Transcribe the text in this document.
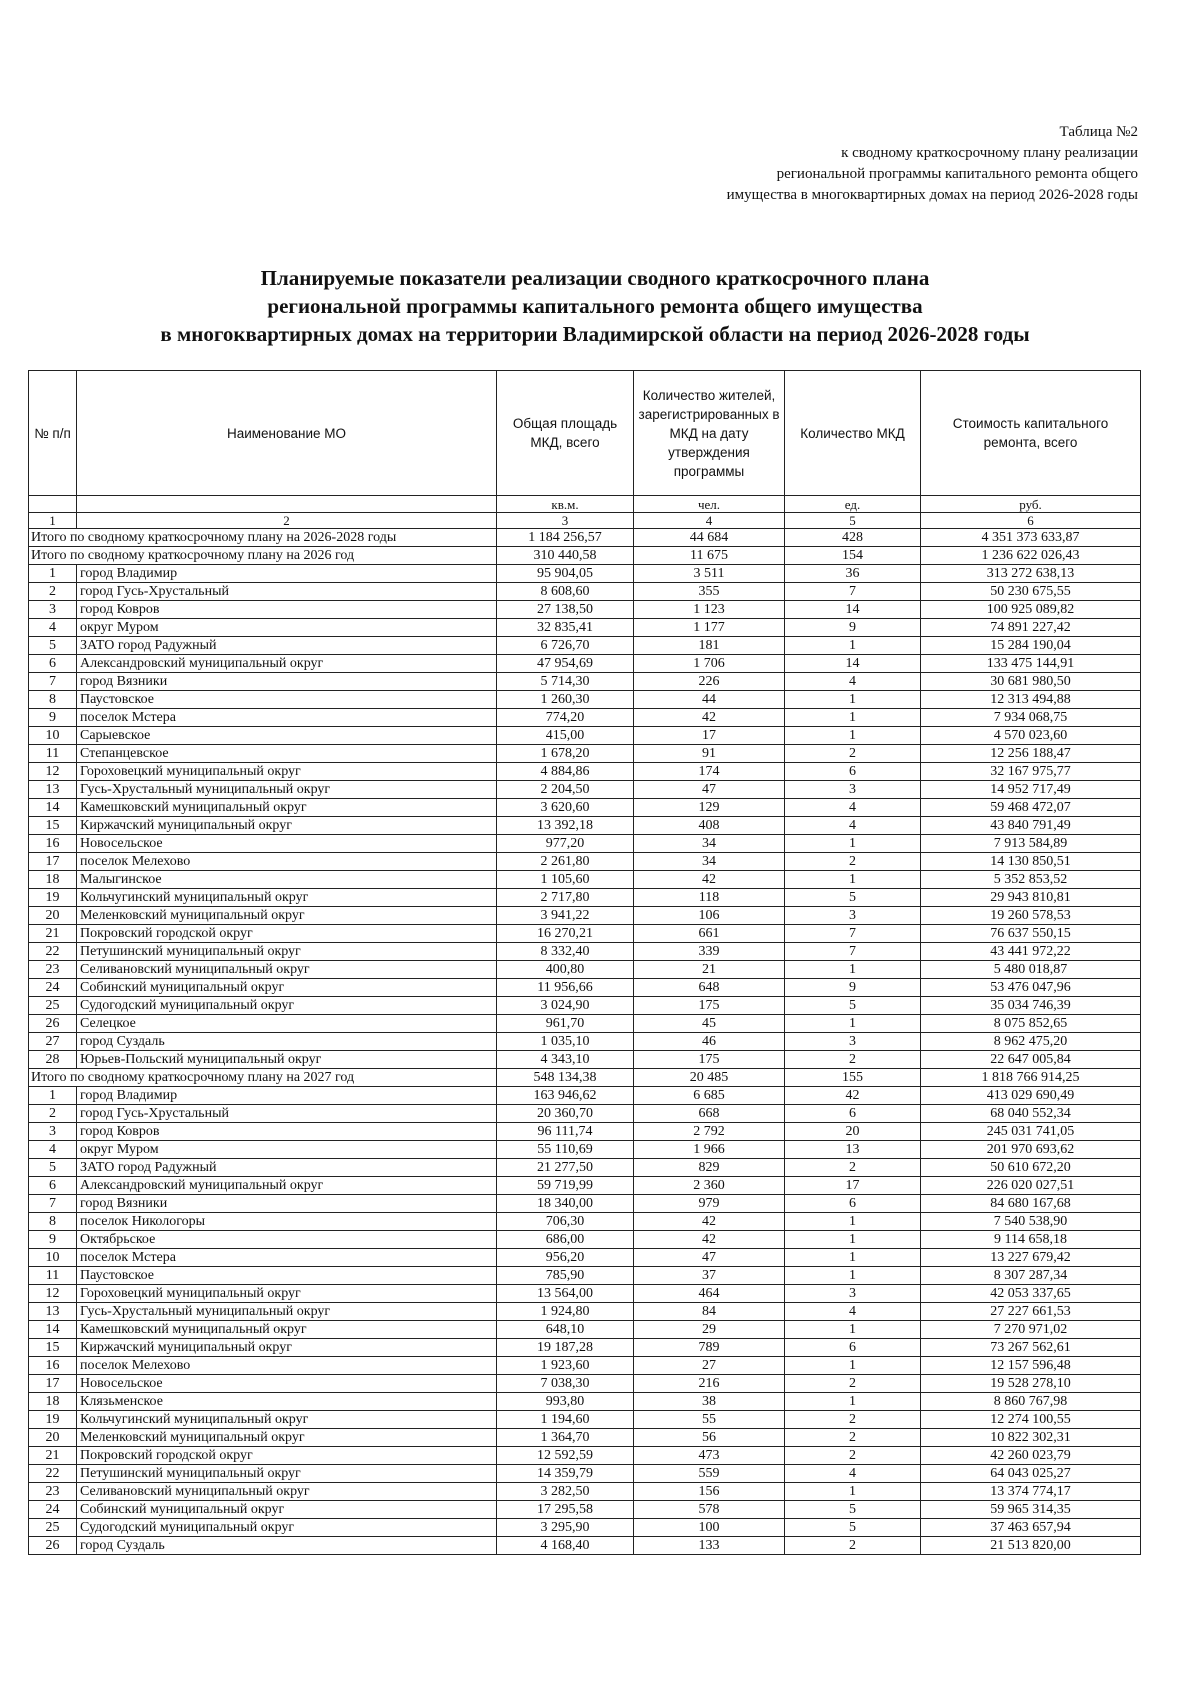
Таблица №2
к сводному краткосрочному плану реализации
региональной программы капитального ремонта общего
имущества в многоквартирных домах на период 2026-2028 годы
Планируемые показатели реализации сводного краткосрочного плана
региональной программы капитального ремонта общего имущества
в многоквартирных домах на территории Владимирской области на период 2026-2028 годы
№ п/п	Наименование МО	Общая площадь МКД, всего	Количество жителей, зарегистрированных в МКД на дату утверждения программы	Количество МКД	Стоимость капитального ремонта, всего
		кв.м.	чел.	ед.	руб.
1	2	3	4	5	6
Итого по сводному краткосрочному плану на 2026-2028 годы		1 184 256,57	44 684	428	4 351 373 633,87
Итого по сводному краткосрочному плану на 2026 год		310 440,58	11 675	154	1 236 622 026,43
1	город Владимир	95 904,05	3 511	36	313 272 638,13
2	город Гусь-Хрустальный	8 608,60	355	7	50 230 675,55
3	город Ковров	27 138,50	1 123	14	100 925 089,82
4	округ Муром	32 835,41	1 177	9	74 891 227,42
5	ЗАТО город Радужный	6 726,70	181	1	15 284 190,04
6	Александровский муниципальный округ	47 954,69	1 706	14	133 475 144,91
7	город Вязники	5 714,30	226	4	30 681 980,50
8	Паустовское	1 260,30	44	1	12 313 494,88
9	поселок Мстера	774,20	42	1	7 934 068,75
10	Сарыевское	415,00	17	1	4 570 023,60
11	Степанцевское	1 678,20	91	2	12 256 188,47
12	Гороховецкий муниципальный округ	4 884,86	174	6	32 167 975,77
13	Гусь-Хрустальный муниципальный округ	2 204,50	47	3	14 952 717,49
14	Камешковский муниципальный округ	3 620,60	129	4	59 468 472,07
15	Киржачский муниципальный округ	13 392,18	408	4	43 840 791,49
16	Новосельское	977,20	34	1	7 913 584,89
17	поселок Мелехово	2 261,80	34	2	14 130 850,51
18	Малыгинское	1 105,60	42	1	5 352 853,52
19	Кольчугинский муниципальный округ	2 717,80	118	5	29 943 810,81
20	Меленковский муниципальный округ	3 941,22	106	3	19 260 578,53
21	Покровский городской округ	16 270,21	661	7	76 637 550,15
22	Петушинский муниципальный округ	8 332,40	339	7	43 441 972,22
23	Селивановский муниципальный округ	400,80	21	1	5 480 018,87
24	Собинский муниципальный округ	11 956,66	648	9	53 476 047,96
25	Судогодский муниципальный округ	3 024,90	175	5	35 034 746,39
26	Селецкое	961,70	45	1	8 075 852,65
27	город Суздаль	1 035,10	46	3	8 962 475,20
28	Юрьев-Польский муниципальный округ	4 343,10	175	2	22 647 005,84
Итого по сводному краткосрочному плану на 2027 год		548 134,38	20 485	155	1 818 766 914,25
1	город Владимир	163 946,62	6 685	42	413 029 690,49
2	город Гусь-Хрустальный	20 360,70	668	6	68 040 552,34
3	город Ковров	96 111,74	2 792	20	245 031 741,05
4	округ Муром	55 110,69	1 966	13	201 970 693,62
5	ЗАТО город Радужный	21 277,50	829	2	50 610 672,20
6	Александровский муниципальный округ	59 719,99	2 360	17	226 020 027,51
7	город Вязники	18 340,00	979	6	84 680 167,68
8	поселок Никологоры	706,30	42	1	7 540 538,90
9	Октябрьское	686,00	42	1	9 114 658,18
10	поселок Мстера	956,20	47	1	13 227 679,42
11	Паустовское	785,90	37	1	8 307 287,34
12	Гороховецкий муниципальный округ	13 564,00	464	3	42 053 337,65
13	Гусь-Хрустальный муниципальный округ	1 924,80	84	4	27 227 661,53
14	Камешковский муниципальный округ	648,10	29	1	7 270 971,02
15	Киржачский муниципальный округ	19 187,28	789	6	73 267 562,61
16	поселок Мелехово	1 923,60	27	1	12 157 596,48
17	Новосельское	7 038,30	216	2	19 528 278,10
18	Клязьменское	993,80	38	1	8 860 767,98
19	Кольчугинский муниципальный округ	1 194,60	55	2	12 274 100,55
20	Меленковский муниципальный округ	1 364,70	56	2	10 822 302,31
21	Покровский городской округ	12 592,59	473	2	42 260 023,79
22	Петушинский муниципальный округ	14 359,79	559	4	64 043 025,27
23	Селивановский муниципальный округ	3 282,50	156	1	13 374 774,17
24	Собинский муниципальный округ	17 295,58	578	5	59 965 314,35
25	Судогодский муниципальный округ	3 295,90	100	5	37 463 657,94
26	город Суздаль	4 168,40	133	2	21 513 820,00
